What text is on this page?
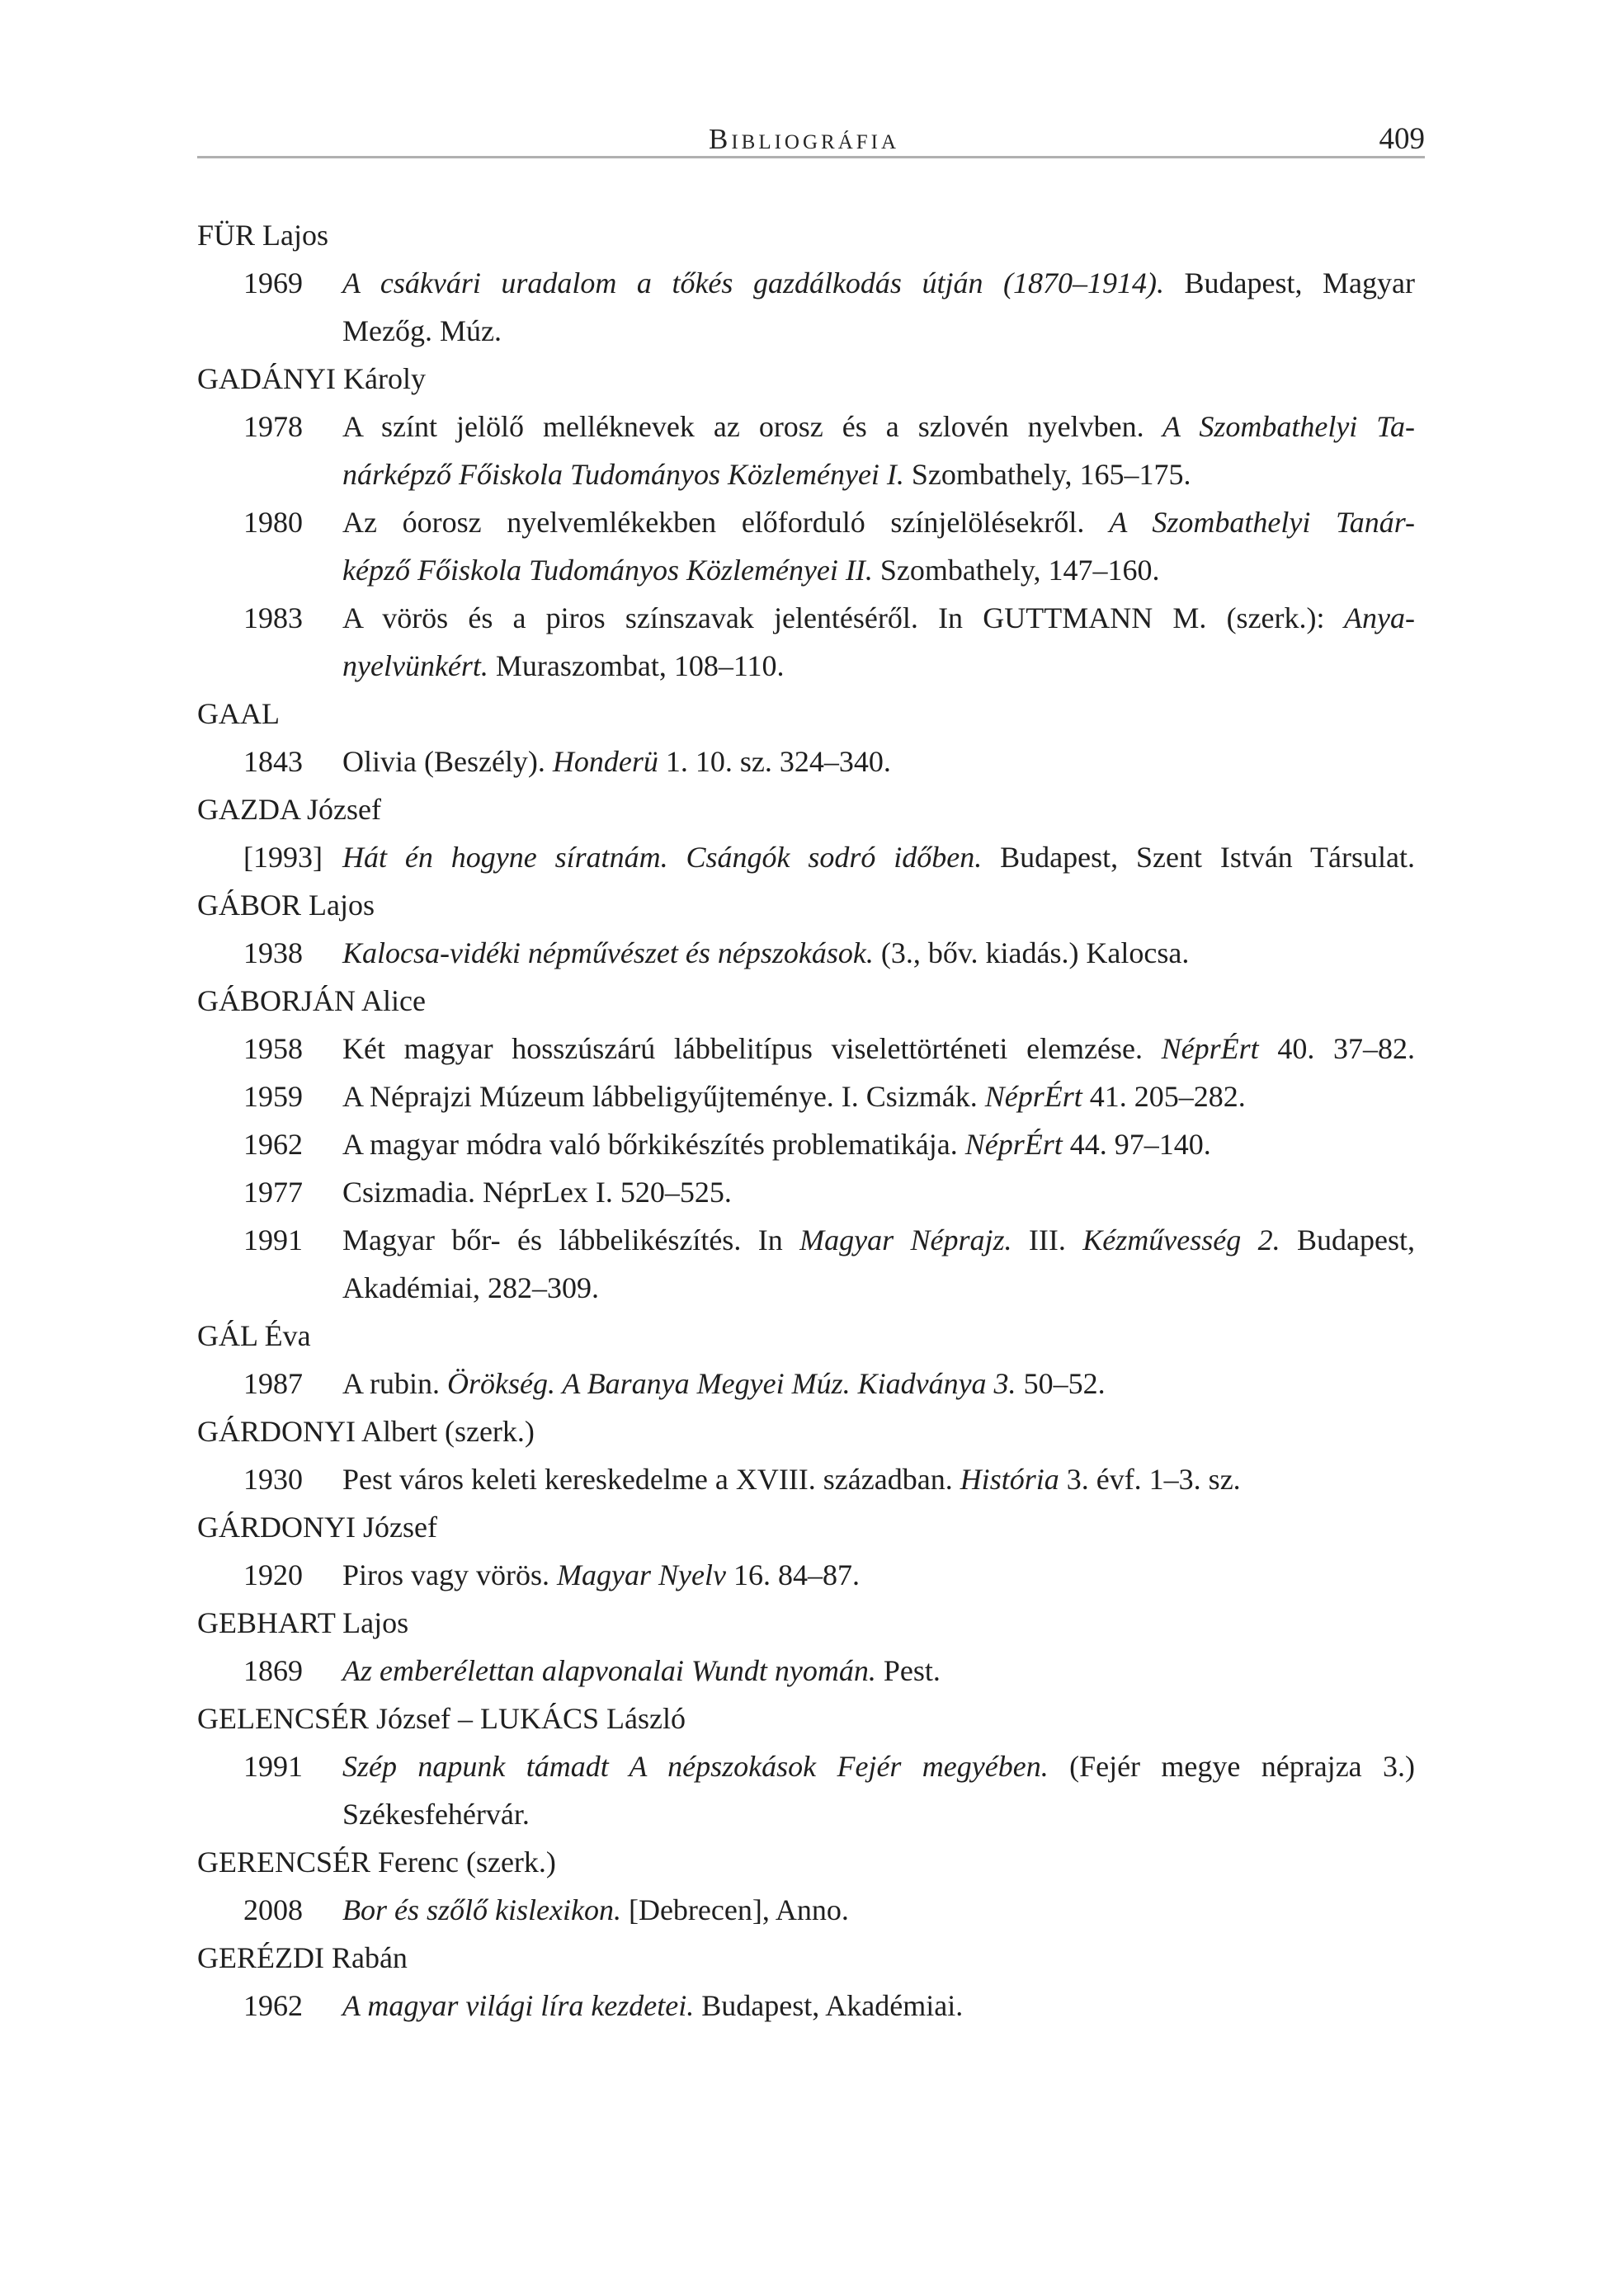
Bibliográfia	409
FÜR Lajos
1969 A csákvári uradalom a tőkés gazdálkodás útján (1870–1914). Budapest, Magyar
Mezőg. Múz.
GADÁNYI Károly
1978 A színt jelölő melléknevek az orosz és a szlovén nyelvben. A Szombathelyi Ta-
nárképző Főiskola Tudományos Közleményei I. Szombathely, 165–175.
1980 Az óorosz nyelvemlékekben előforduló színjelölésekről. A Szombathelyi Tanár-
képző Főiskola Tudományos Közleményei II. Szombathely, 147–160.
1983 A vörös és a piros színszavak jelentéséről. In GUTTMANN M. (szerk.): Anya-
nyelvünkért. Muraszombat, 108–110.
GAAL
1843 Olivia (Beszély). Honderü 1. 10. sz. 324–340.
GAZDA József
[1993] Hát én hogyne síratnám. Csángók sodró időben. Budapest, Szent István Társulat.
GÁBOR Lajos
1938 Kalocsa-vidéki népművészet és népszokások. (3., bőv. kiadás.) Kalocsa.
GÁBORJÁN Alice
1958 Két magyar hosszúszárú lábbelitípus viselettörténeti elemzése. NéprÉrt 40. 37–82.
1959 A Néprajzi Múzeum lábbeligyűjteménye. I. Csizmák. NéprÉrt 41. 205–282.
1962 A magyar módra való bőrkikészítés problematikája. NéprÉrt 44. 97–140.
1977 Csizmadia. NéprLex I. 520–525.
1991 Magyar bőr- és lábbelikészítés. In Magyar Néprajz. III. Kézművesség 2. Budapest,
Akadémiai, 282–309.
GÁL Éva
1987 A rubin. Örökség. A Baranya Megyei Múz. Kiadványa 3. 50–52.
GÁRDONYI Albert (szerk.)
1930 Pest város keleti kereskedelme a XVIII. században. História 3. évf. 1–3. sz.
GÁRDONYI József
1920 Piros vagy vörös. Magyar Nyelv 16. 84–87.
GEBHART Lajos
1869 Az emberélettan alapvonalai Wundt nyomán. Pest.
GELENCSÉR József – LUKÁCS László
1991 Szép napunk támadt A népszokások Fejér megyében. (Fejér megye néprajza 3.)
Székesfehérvár.
GERENCSÉR Ferenc (szerk.)
2008 Bor és szőlő kislexikon. [Debrecen], Anno.
GERÉZDI Rabán
1962 A magyar világi líra kezdetei. Budapest, Akadémiai.
